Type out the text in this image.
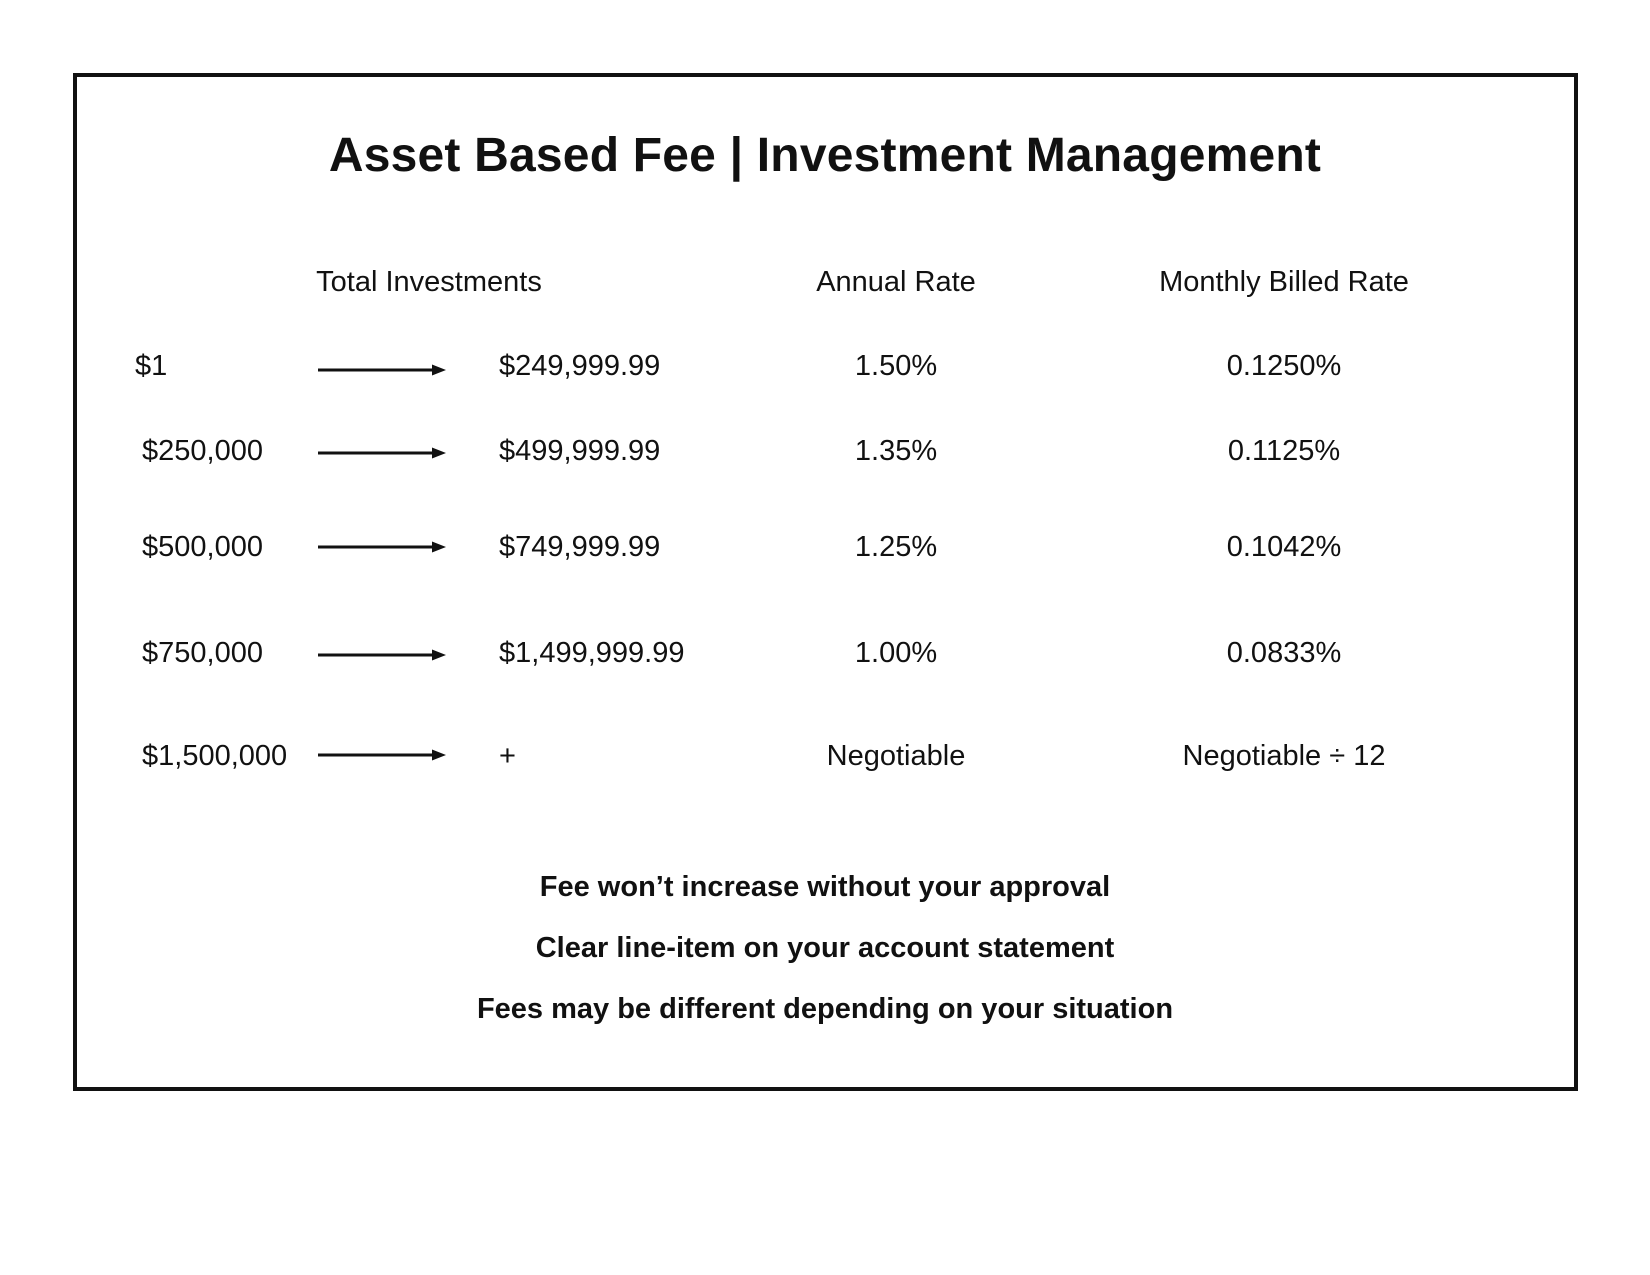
Asset Based Fee | Investment Management
Total Investments	Annual Rate	Monthly Billed Rate
$1	$249,999.99	1.50%	0.1250%
$250,000	$499,999.99	1.35%	0.1125%
$500,000	$749,999.99	1.25%	0.1042%
$750,000	$1,499,999.99	1.00%	0.0833%
$1,500,000	+	Negotiable	Negotiable ÷ 12
Fee won’t increase without your approval
Clear line-item on your account statement
Fees may be different depending on your situation
